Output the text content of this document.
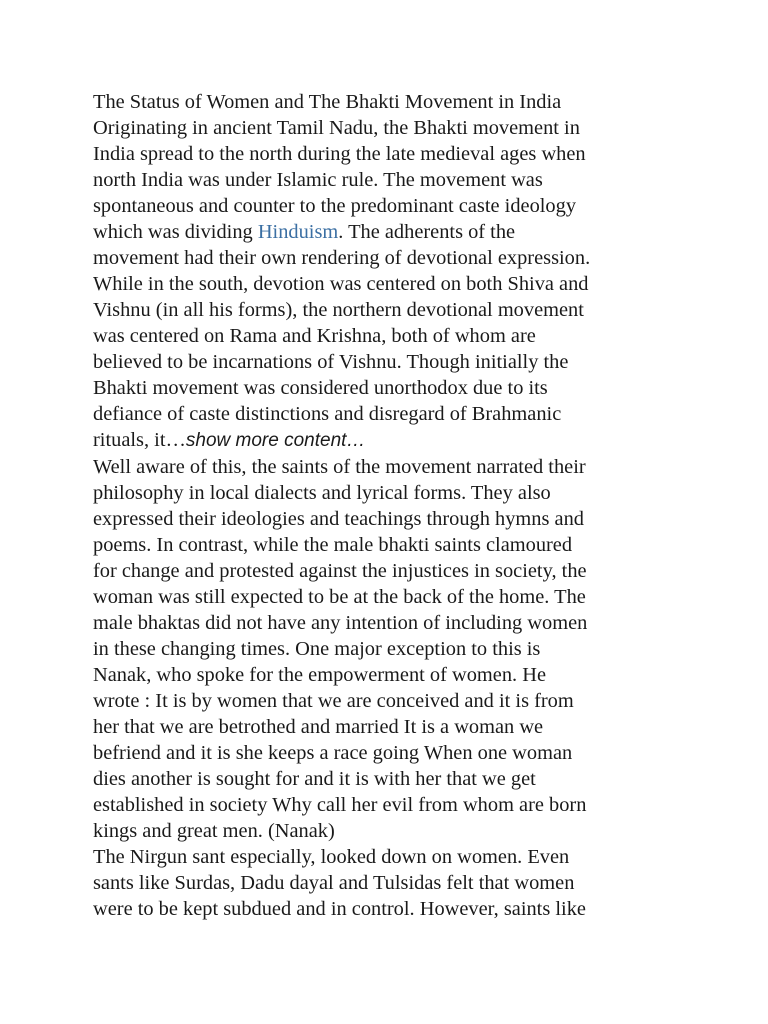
The Status of Women and The Bhakti Movement in India
Originating in ancient Tamil Nadu, the Bhakti movement in
India spread to the north during the late medieval ages when
north India was under Islamic rule. The movement was
spontaneous and counter to the predominant caste ideology
which was dividing Hinduism. The adherents of the
movement had their own rendering of devotional expression.
While in the south, devotion was centered on both Shiva and
Vishnu (in all his forms), the northern devotional movement
was centered on Rama and Krishna, both of whom are
believed to be incarnations of Vishnu. Though initially the
Bhakti movement was considered unorthodox due to its
defiance of caste distinctions and disregard of Brahmanic
rituals, it…show more content…
Well aware of this, the saints of the movement narrated their
philosophy in local dialects and lyrical forms. They also
expressed their ideologies and teachings through hymns and
poems. In contrast, while the male bhakti saints clamoured
for change and protested against the injustices in society, the
woman was still expected to be at the back of the home. The
male bhaktas did not have any intention of including women
in these changing times. One major exception to this is
Nanak, who spoke for the empowerment of women. He
wrote : It is by women that we are conceived and it is from
her that we are betrothed and married It is a woman we
befriend and it is she keeps a race going When one woman
dies another is sought for and it is with her that we get
established in society Why call her evil from whom are born
kings and great men. (Nanak)
The Nirgun sant especially, looked down on women. Even
sants like Surdas, Dadu dayal and Tulsidas felt that women
were to be kept subdued and in control. However, saints like
